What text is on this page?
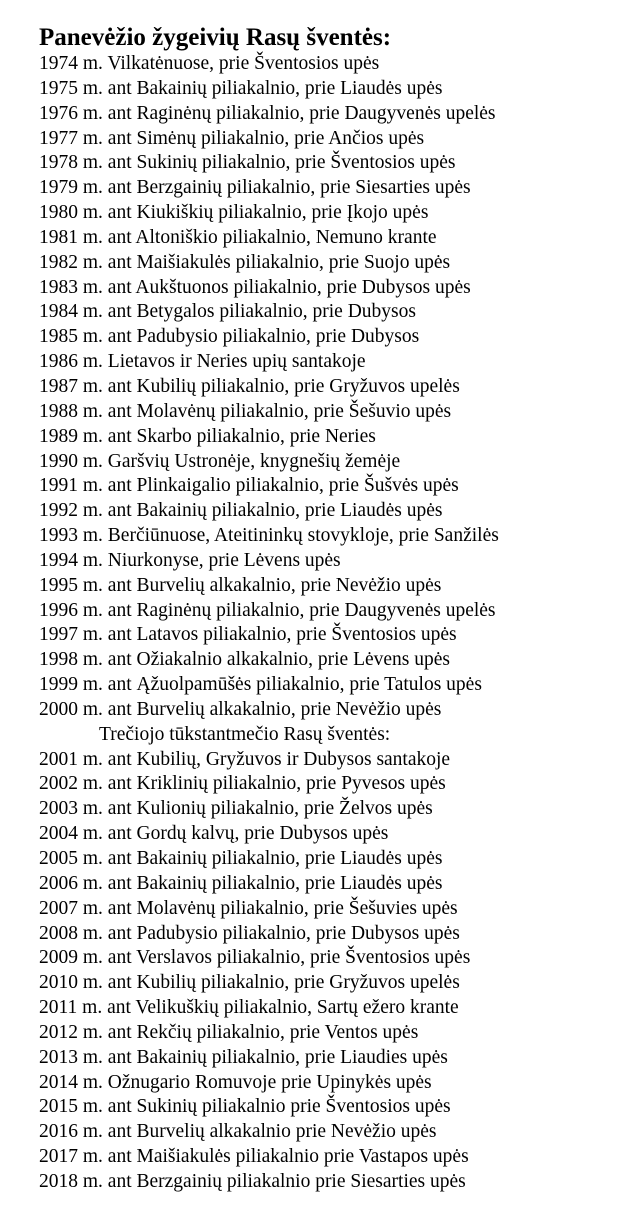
Panevėžio žygeivių Rasų šventės:
1974 m. Vilkatėnuose, prie Šventosios upės
1975 m. ant Bakainių piliakalnio, prie Liaudės upės
1976 m. ant Raginėnų piliakalnio, prie Daugyvenės upelės
1977 m. ant Simėnų piliakalnio, prie Ančios upės
1978 m. ant Sukinių piliakalnio, prie Šventosios upės
1979 m. ant Berzgainių piliakalnio, prie Siesarties upės
1980 m. ant Kiukiškių piliakalnio, prie Įkojo upės
1981 m. ant Altoniškio piliakalnio, Nemuno krante
1982 m. ant Maišiakulės piliakalnio, prie Suojo upės
1983 m. ant Aukštuonos piliakalnio, prie Dubysos upės
1984 m. ant Betygalos piliakalnio, prie Dubysos
1985 m. ant Padubysio piliakalnio, prie Dubysos
1986 m. Lietavos ir Neries upių santakoje
1987 m. ant Kubilių piliakalnio, prie Gryžuvos upelės
1988 m. ant Molavėnų piliakalnio, prie Šešuvio upės
1989 m. ant Skarbo piliakalnio, prie Neries
1990 m. Garšvių Ustronėje, knygnešių žemėje
1991 m. ant Plinkaigalio piliakalnio, prie Šušvės upės
1992 m. ant Bakainių piliakalnio, prie Liaudės upės
1993 m. Berčiūnuose, Ateitininkų stovykloje, prie Sanžilės
1994 m. Niurkonyse, prie Lėvens upės
1995 m. ant Burvelių alkakalnio, prie Nevėžio upės
1996 m. ant Raginėnų piliakalnio, prie Daugyvenės upelės
1997 m. ant Latavos piliakalnio, prie Šventosios upės
1998 m. ant Ožiakalnio alkakalnio, prie Lėvens upės
1999 m. ant Ąžuolpamūšės piliakalnio, prie Tatulos upės
2000 m. ant Burvelių alkakalnio, prie Nevėžio upės
Trečiojo tūkstantmečio Rasų šventės:
2001 m. ant Kubilių, Gryžuvos ir Dubysos santakoje
2002 m. ant Kriklinių piliakalnio, prie Pyvesos upės
2003 m. ant Kulionių piliakalnio, prie Želvos upės
2004 m. ant Gordų kalvų, prie Dubysos upės
2005 m. ant Bakainių piliakalnio, prie Liaudės upės
2006 m. ant Bakainių piliakalnio, prie Liaudės upės
2007 m. ant Molavėnų piliakalnio, prie Šešuvies upės
2008 m. ant Padubysio piliakalnio, prie Dubysos upės
2009 m. ant Verslavos piliakalnio, prie Šventosios upės
2010 m. ant Kubilių piliakalnio, prie Gryžuvos upelės
2011 m. ant Velikuškių piliakalnio, Sartų ežero krante
2012 m. ant Rekčių piliakalnio, prie Ventos upės
2013 m. ant Bakainių piliakalnio, prie Liaudies upės
2014 m. Ožnugario Romuvoje prie Upinykės upės
2015 m. ant Sukinių piliakalnio prie Šventosios upės
2016 m. ant Burvelių alkakalnio prie Nevėžio upės
2017 m. ant Maišiakulės piliakalnio prie Vastapos upės
2018 m. ant Berzgainių piliakalnio prie Siesarties upės
